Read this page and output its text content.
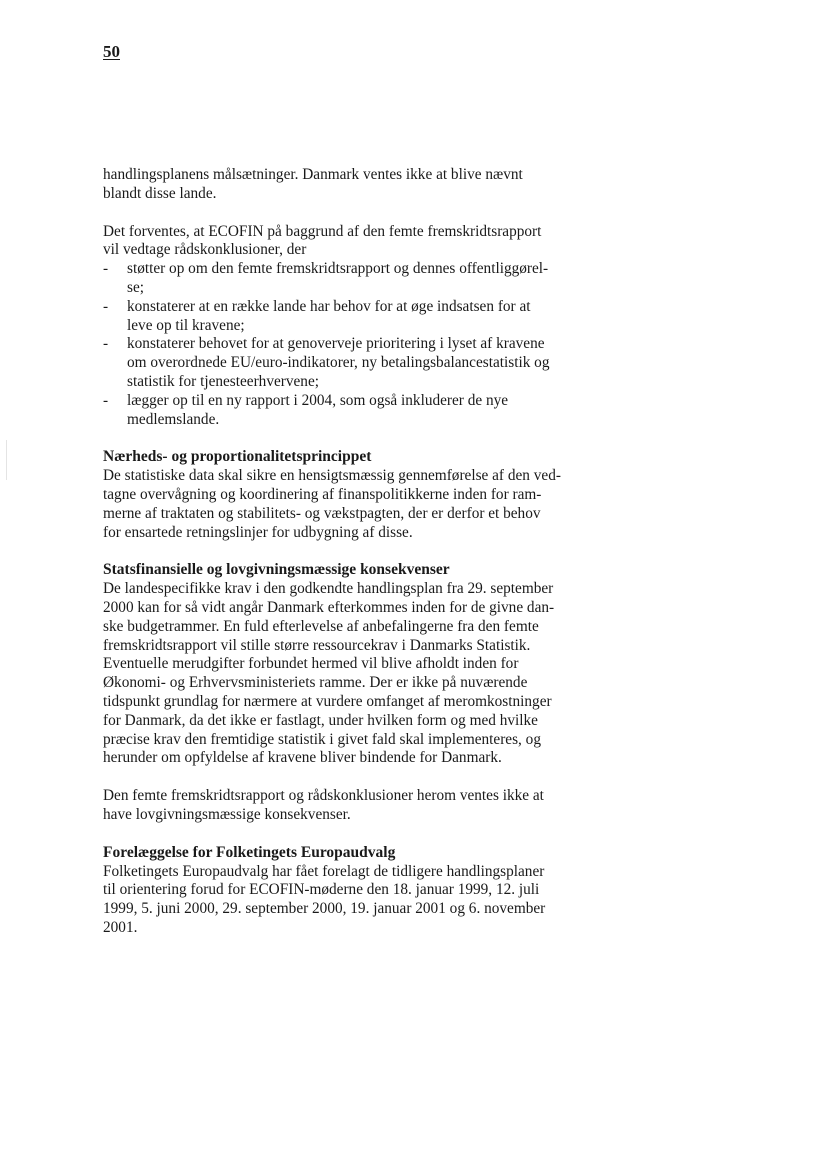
50

handlingsplanens målsætninger. Danmark ventes ikke at blive nævnt

blandt disse lande.

Det forventes, at ECOFIN på baggrund af den femte fremskridtsrapport

vil vedtage rådskonklusioner, der

- støtter op om den femte fremskridtsrapport og dennes offentliggørel-

se;

- konstaterer at en række lande har behov for at øge indsatsen for at

leve op til kravene;

- konstaterer behovet for at genoverveje prioritering i lyset af kravene

om overordnede EU/euro-indikatorer, ny betalingsbalancestatistik og

statistik for tjenesteerhvervene;

- lægger op til en ny rapport i 2004, som også inkluderer de nye

medlemslande.

Nærheds- og proportionalitetsprincippet

De statistiske data skal sikre en hensigtsmæssig gennemførelse af den ved-

tagne overvågning og koordinering af finanspolitikkerne inden for ram-

merne af traktaten og stabilitets- og vækstpagten, der er derfor et behov

for ensartede retningslinjer for udbygning af disse.

Statsfinansielle og lovgivningsmæssige konsekvenser

De landespecifikke krav i den godkendte handlingsplan fra 29. september

2000 kan for så vidt angår Danmark efterkommes inden for de givne dan-

ske budgetrammer. En fuld efterlevelse af anbefalingerne fra den femte

fremskridtsrapport vil stille større ressourcekrav i Danmarks Statistik.

Eventuelle merudgifter forbundet hermed vil blive afholdt inden for

Økonomi- og Erhvervsministeriets ramme. Der er ikke på nuværende

tidspunkt grundlag for nærmere at vurdere omfanget af meromkostninger

for Danmark, da det ikke er fastlagt, under hvilken form og med hvilke

præcise krav den fremtidige statistik i givet fald skal implementeres, og

herunder om opfyldelse af kravene bliver bindende for Danmark.

Den femte fremskridtsrapport og rådskonklusioner herom ventes ikke at

have lovgivningsmæssige konsekvenser.

Forelæggelse for Folketingets Europaudvalg

Folketingets Europaudvalg har fået forelagt de tidligere handlingsplaner

til orientering forud for ECOFIN-møderne den 18. januar 1999, 12. juli

1999, 5. juni 2000, 29. september 2000, 19. januar 2001 og 6. november

2001.
